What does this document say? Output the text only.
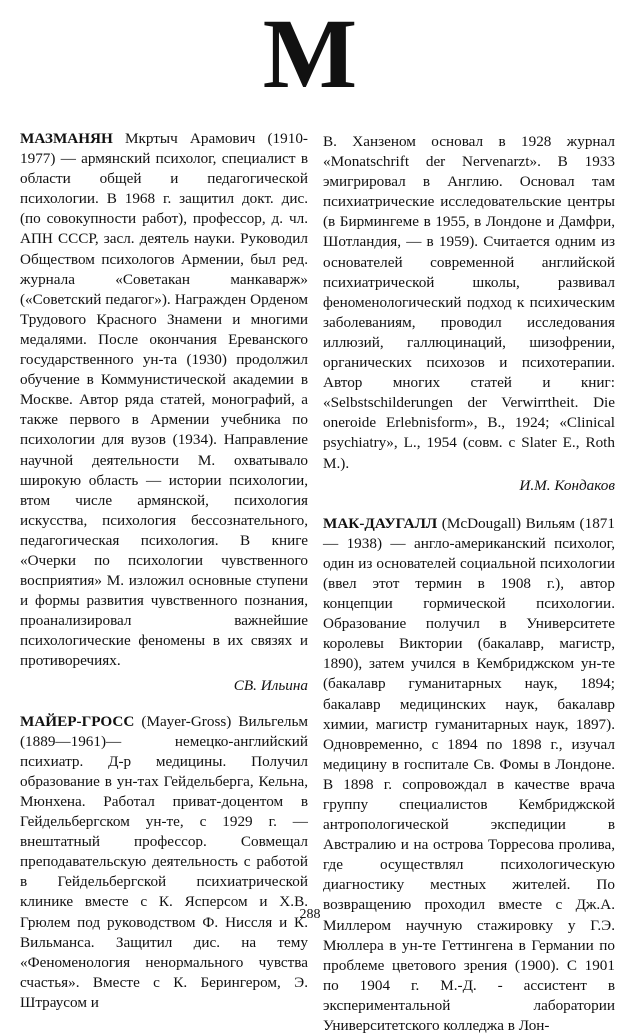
М

МАЗМАНЯН Мкртыч Арамович (1910-1977) — армянский психолог, специалист в области общей и педагогической психологии. В 1968 г. защитил докт. дис. (по совокупности работ), профессор, д. чл. АПН СССР, засл. деятель науки. Руководил Обществом психологов Армении, был ред. журнала «Советакан манкаварж» («Советский педагог»). Награжден Орденом Трудового Красного Знамени и многими медалями. После окончания Ереванского государственного ун-та (1930) продолжил обучение в Коммунистической академии в Москве. Автор ряда статей, монографий, а также первого в Армении учебника по психологии для вузов (1934). Направление научной деятельности М. охватывало широкую область — истории психологии, втом числе армянской, психология искусства, психология бессознательного, педагогическая психология. В книге «Очерки по психологии чувственного восприятия» М. изложил основные ступени и формы развития чувственного познания, проанализировал важнейшие психологические феномены в их связях и противоречиях.

СВ. Ильина

МАЙЕР-ГРОСС (Mayer-Gross) Вильгельм (1889—1961)— немецко-английский психиатр. Д-р медицины. Получил образование в ун-тах Гейдельберга, Кельна, Мюнхена. Работал приват-доцентом в Гейдельбергском ун-те, с 1929 г. — внештатный профессор. Совмещал преподавательскую деятельность с работой в Гейдельбергской психиатрической клинике вместе с К. Ясперсом и Х.В. Грюлем под руководством Ф. Ниссля и К. Вильманса. Защитил дис. на тему «Феноменология ненормального чувства счастья». Вместе с К. Берингером, Э. Штраусом и

В. Ханзеном основал в 1928 журнал «Monatschrift der Nervenarzt». В 1933 эмигрировал в Англию. Основал там психиатрические исследовательские центры (в Бирмингеме в 1955, в Лондоне и Дамфри, Шотландия, — в 1959). Считается одним из основателей современной английской психиатрической школы, развивал феноменологический подход к психическим заболеваниям, проводил исследования иллюзий, галлюцинаций, шизофрении, органических психозов и психотерапии. Автор многих статей и книг: «Selbstschilderungen der Verwirrtheit. Die oneroide Erlebnisform», В., 1924; «Clinical psychiatry», L., 1954 (совм. с Slater E., Roth M.).

И.М. Кондаков

МАК-ДАУГАЛЛ (McDougall) Вильям (1871 — 1938) — англо-американский психолог, один из основателей социальной психологии (ввел этот термин в 1908 г.), автор концепции гормической психологии. Образование получил в Университете королевы Виктории (бакалавр, магистр, 1890), затем учился в Кембриджском ун-те (бакалавр гуманитарных наук, 1894; бакалавр медицинских наук, бакалавр химии, магистр гуманитарных наук, 1897). Одновременно, с 1894 по 1898 г., изучал медицину в госпитале Св. Фомы в Лондоне. В 1898 г. сопровождал в качестве врача группу специалистов Кембриджской антропологической экспедиции в Австралию и на острова Торресова пролива, где осуществлял психологическую диагностику местных жителей. По возвращению проходил вместе с Дж.А. Миллером научную стажировку у Г.Э. Мюллера в ун-те Геттингена в Германии по проблеме цветового зрения (1900). С 1901 по 1904 г. М.-Д. - ассистент в экспериментальной лаборатории Университетского колледжа в Лон-

288
